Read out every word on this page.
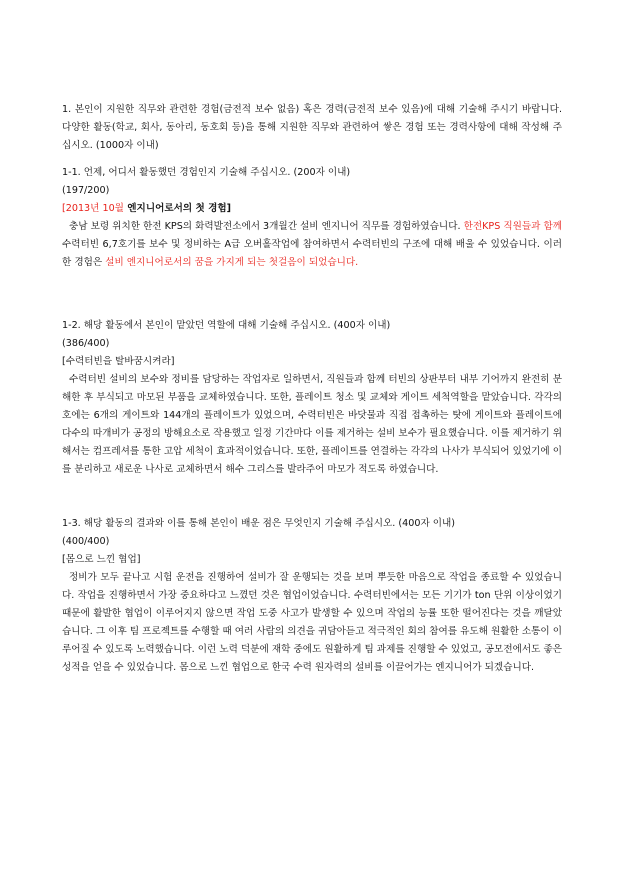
1. 본인이 지원한 직무와 관련한 경험(금전적 보수 없음) 혹은 경력(금전적 보수 있음)에 대해 기술해 주시기 바랍니다. 다양한 활동(학교, 회사, 동아리, 동호회 등)을 통해 지원한 직무와 관련하여 쌓은 경험 또는 경력사항에 대해 작성해 주십시오. (1000자 이내)

1-1. 언제, 어디서 활동했던 경험인지 기술해 주십시오. (200자 이내)

(197/200)

[2013년 10월 엔지니어로서의 첫 경험]

충남 보령 위치한 한전 KPS의 화력발전소에서 3개월간 설비 엔지니어 직무를 경험하였습니다. 한전KPS 직원들과 함께 수력터빈 6,7호기를 보수 및 정비하는 A급 오버홀작업에 참여하면서 수력터빈의 구조에 대해 배울 수 있었습니다. 이러한 경험은 설비 엔지니어로서의 꿈을 가지게 되는 첫걸음이 되었습니다.

1-2. 해당 활동에서 본인이 맡았던 역할에 대해 기술해 주십시오. (400자 이내)

(386/400)

[수력터빈을 탈바꿈시켜라]

수력터빈 설비의 보수와 정비를 담당하는 작업자로 일하면서, 직원들과 함께 터빈의 상판부터 내부 기어까지 완전히 분해한 후 부식되고 마모된 부품을 교체하였습니다. 또한, 플레이트 청소 및 교체와 게이트 세척역할을 맡았습니다. 각각의 호에는 6개의 게이트와 144개의 플레이트가 있었으며, 수력터빈은 바닷물과 직접 접촉하는 탓에 게이트와 플레이트에 다수의 따개비가 공정의 방해요소로 작용했고 일정 기간마다 이를 제거하는 설비 보수가 필요했습니다. 이를 제거하기 위해서는 컴프레셔를 통한 고압 세척이 효과적이었습니다. 또한, 플레이트를 연결하는 각각의 나사가 부식되어 있었기에 이를 분리하고 새로운 나사로 교체하면서 해수 그리스를 발라주어 마모가 적도록 하였습니다.

1-3. 해당 활동의 결과와 이를 통해 본인이 배운 점은 무엇인지 기술해 주십시오. (400자 이내)

(400/400)

[몸으로 느낀 협업]

정비가 모두 끝나고 시험 운전을 진행하여 설비가 잘 운행되는 것을 보며 뿌듯한 마음으로 작업을 종료할 수 있었습니다. 작업을 진행하면서 가장 중요하다고 느꼈던 것은 협업이었습니다. 수력터빈에서는 모든 기기가 ton 단위 이상이었기 때문에 활발한 협업이 이루어지지 않으면 작업 도중 사고가 발생할 수 있으며 작업의 능률 또한 떨어진다는 것을 깨달았습니다. 그 이후 팀 프로젝트를 수행할 때 여러 사람의 의견을 귀담아듣고 적극적인 회의 참여를 유도해 원활한 소통이 이루어질 수 있도록 노력했습니다. 이런 노력 덕분에 재학 중에도 원활하게 팀 과제를 진행할 수 있었고, 공모전에서도 좋은 성적을 얻을 수 있었습니다. 몸으로 느낀 협업으로 한국 수력 원자력의 설비를 이끌어가는 엔지니어가 되겠습니다.
